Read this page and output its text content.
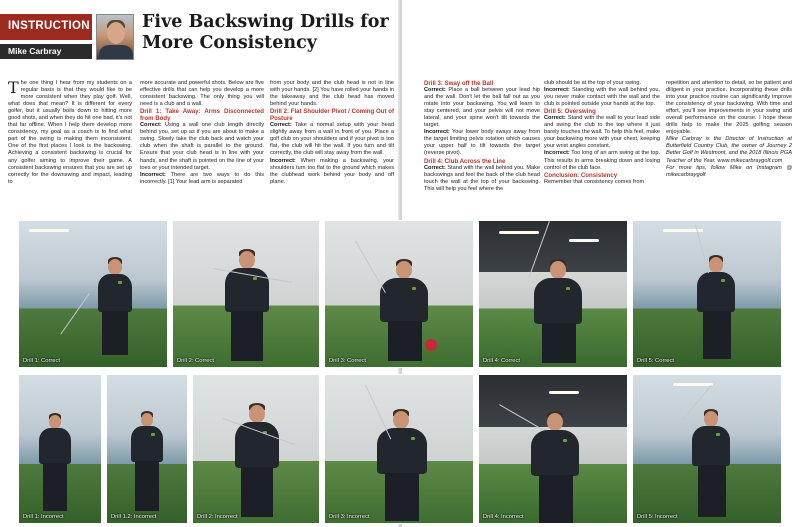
INSTRUCTION
Mike Carbray
Five Backswing Drills for
More Consistency
T he one thing I hear from my students on a regular basis is that they would like to be more consistent when they play golf. Well, what does that mean? It is different for every golfer, but it usually boils down to hitting more good shots, and when they do hit one bad, it's not that far offline. When I help them develop more consistency, my goal as a coach is to find what part of the swing is making them inconsistent. One of the first places I look is the backswing. Achieving a consistent backswing is crucial for any golfer aiming to improve their game. A consistent backswing ensures that you are set up correctly for the downswing and impact, leading to

more accurate and powerful shots. Below are five effective drills that can help you develop a more consistent backswing. The only thing you will need is a club and a wall.

Drill 1: Take Away: Arms Disconnected from Body

Correct: Using a wall one club length directly behind you, set up as if you are about to make a swing. Slowly take the club back and watch your club when the shaft is parallel to the ground. Ensure that your club head is in line with your hands, and the shaft is pointed on the line of your toes or your intended target.

Incorrect: There are two ways to do this incorrectly. [1] Your lead arm is separated

from your body and the club head is not in line with your hands. [2] You have rolled your hands in the takeaway and the club head has moved behind your hands.

Drill 2: Flat Shoulder Pivot / Coming Out of Posture

Correct: Take a normal setup with your head slightly away from a wall in front of you. Place a golf club on your shoulders and if your pivot is too flat, the club will hit the wall. If you turn and tilt correctly, the club will stay away from the wall.

Incorrect: When making a backswing, your shoulders turn too flat to the ground which makes the clubhead work behind your body and off plane.

Drill 3: Sway off the Ball

Correct: Place a ball between your lead hip and the wall. Don't let the ball fall out as you rotate into your backswing. You will learn to stay centered, and your pelvis will not move lateral, and your spine won't tilt towards the target.

Incorrect: Your lower body sways away from the target limiting pelvis rotation which causes your upper half to tilt towards the target (reverse pivot).

Drill 4: Club Across the Line

Correct: Stand with the wall behind you. Make backswings and feel the back of the club head touch the wall at the top of your backswing. This will help you feel where the

club should be at the top of your swing.

Incorrect: Standing with the wall behind you, you never make contact with the wall and the club is pointed outside your hands at the top.

Drill 5: Overswing

Correct: Stand with the wall to your lead side and swing the club to the top where it just barely touches the wall. To help this feel, make your backswing more with your chest, keeping your wrist angles constant.

Incorrect: Too long of an arm swing at the top. This results in arms breaking down and losing control of the club face.

Conclusion: Consistency

Remember that consistency comes from

repetition and attention to detail, so be patient and diligent in your practice. Incorporating these drills into your practice routine can significantly improve the consistency of your backswing. With time and effort, you'll see improvements in your swing and overall performance on the course. I hope these drills help to make the 2025 golfing season enjoyable.

Mike Carbray is the Director of Instruction at Butterfield Country Club, the owner of Journey 2 Better Golf in Westmont, and the 2018 Illinois PGA Teacher of the Year. www.mikecarbraygolf.com

For more tips, follow Mike on Instagram @ mikecarbraygolf

Drill 1: Correct	Drill 2: Correct	Drill 3: Correct	Drill 4: Correct	Drill 5: Correct
Drill 1: Incorrect	Drill 1.2: Incorrect	Drill 2: Incorrect	Drill 3: Incorrect	Drill 4: Incorrect	Drill 5: Incorrect
